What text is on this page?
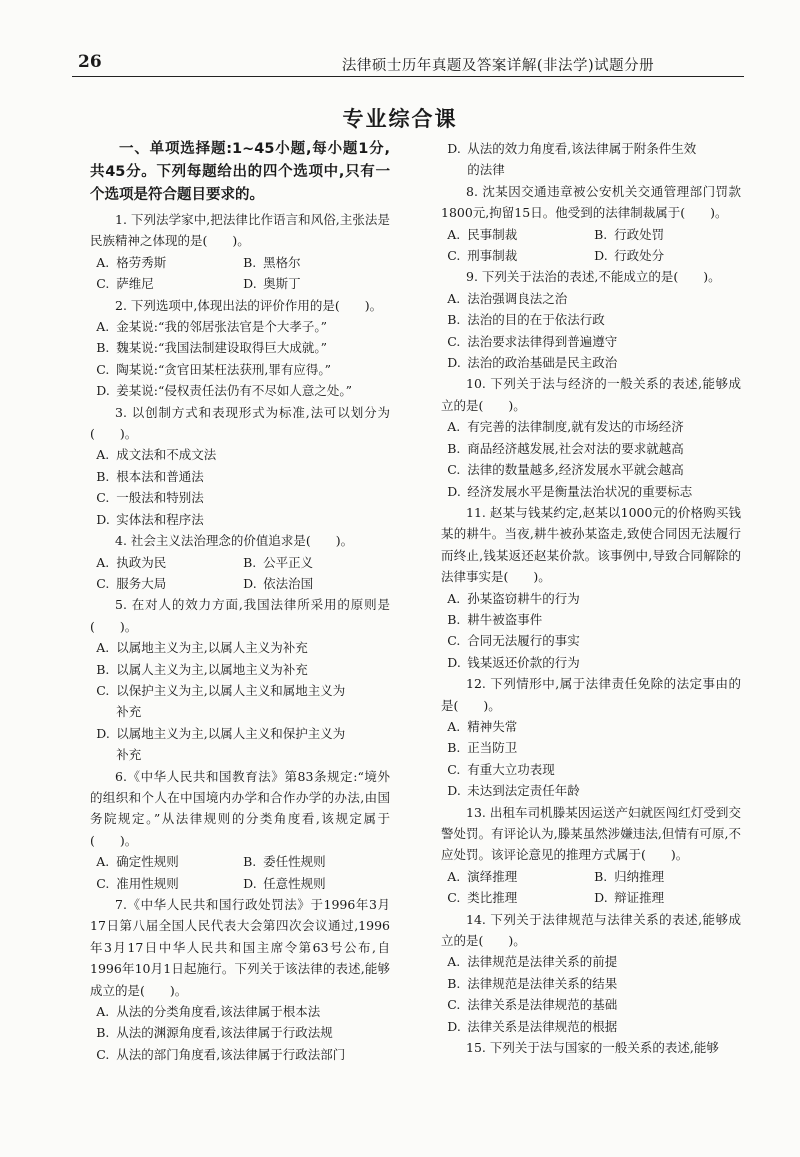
26	法律硕士历年真题及答案详解(非法学)试题分册
专业综合课

一、单项选择题:1~45小题,每小题1分,共45分。下列每题给出的四个选项中,只有一个选项是符合题目要求的。

1. 下列法学家中,把法律比作语言和风俗,主张法是民族精神之体现的是(　　)。

A. 格劳秀斯	B. 黑格尔
C. 萨维尼	D. 奥斯丁

2. 下列选项中,体现出法的评价作用的是(　　)。

A. 金某说:“我的邻居张法官是个大孝子。”

B. 魏某说:“我国法制建设取得巨大成就。”

C. 陶某说:“贪官田某枉法获刑,罪有应得。”

D. 姜某说:“侵权责任法仍有不尽如人意之处。”

3. 以创制方式和表现形式为标准,法可以划分为(　　)。

A. 成文法和不成文法

B. 根本法和普通法

C. 一般法和特别法

D. 实体法和程序法

4. 社会主义法治理念的价值追求是(　　)。

A. 执政为民	B. 公平正义
C. 服务大局	D. 依法治国

5. 在对人的效力方面,我国法律所采用的原则是(　　)。

A. 以属地主义为主,以属人主义为补充

B. 以属人主义为主,以属地主义为补充

C. 以保护主义为主,以属人主义和属地主义为

补充

D. 以属地主义为主,以属人主义和保护主义为

补充

6.《中华人民共和国教育法》第83条规定:“境外的组织和个人在中国境内办学和合作办学的办法,由国务院规定。”从法律规则的分类角度看,该规定属于(　　)。

A. 确定性规则	B. 委任性规则
C. 准用性规则	D. 任意性规则

7.《中华人民共和国行政处罚法》于1996年3月17日第八届全国人民代表大会第四次会议通过,1996年3月17日中华人民共和国主席令第63号公布,自1996年10月1日起施行。下列关于该法律的表述,能够成立的是(　　)。

A. 从法的分类角度看,该法律属于根本法

B. 从法的渊源角度看,该法律属于行政法规

C. 从法的部门角度看,该法律属于行政法部门

D. 从法的效力角度看,该法律属于附条件生效

的法律

8. 沈某因交通违章被公安机关交通管理部门罚款1800元,拘留15日。他受到的法律制裁属于(　　)。

A. 民事制裁	B. 行政处罚
C. 刑事制裁	D. 行政处分

9. 下列关于法治的表述,不能成立的是(　　)。

A. 法治强调良法之治

B. 法治的目的在于依法行政

C. 法治要求法律得到普遍遵守

D. 法治的政治基础是民主政治

10. 下列关于法与经济的一般关系的表述,能够成立的是(　　)。

A. 有完善的法律制度,就有发达的市场经济

B. 商品经济越发展,社会对法的要求就越高

C. 法律的数量越多,经济发展水平就会越高

D. 经济发展水平是衡量法治状况的重要标志

11. 赵某与钱某约定,赵某以1000元的价格购买钱某的耕牛。当夜,耕牛被孙某盗走,致使合同因无法履行而终止,钱某返还赵某价款。该事例中,导致合同解除的法律事实是(　　)。

A. 孙某盗窃耕牛的行为

B. 耕牛被盗事件

C. 合同无法履行的事实

D. 钱某返还价款的行为

12. 下列情形中,属于法律责任免除的法定事由的是(　　)。

A. 精神失常

B. 正当防卫

C. 有重大立功表现

D. 未达到法定责任年龄

13. 出租车司机滕某因运送产妇就医闯红灯受到交警处罚。有评论认为,滕某虽然涉嫌违法,但情有可原,不应处罚。该评论意见的推理方式属于(　　)。

A. 演绎推理	B. 归纳推理
C. 类比推理	D. 辩证推理

14. 下列关于法律规范与法律关系的表述,能够成立的是(　　)。

A. 法律规范是法律关系的前提

B. 法律规范是法律关系的结果

C. 法律关系是法律规范的基础

D. 法律关系是法律规范的根据

15. 下列关于法与国家的一般关系的表述,能够
